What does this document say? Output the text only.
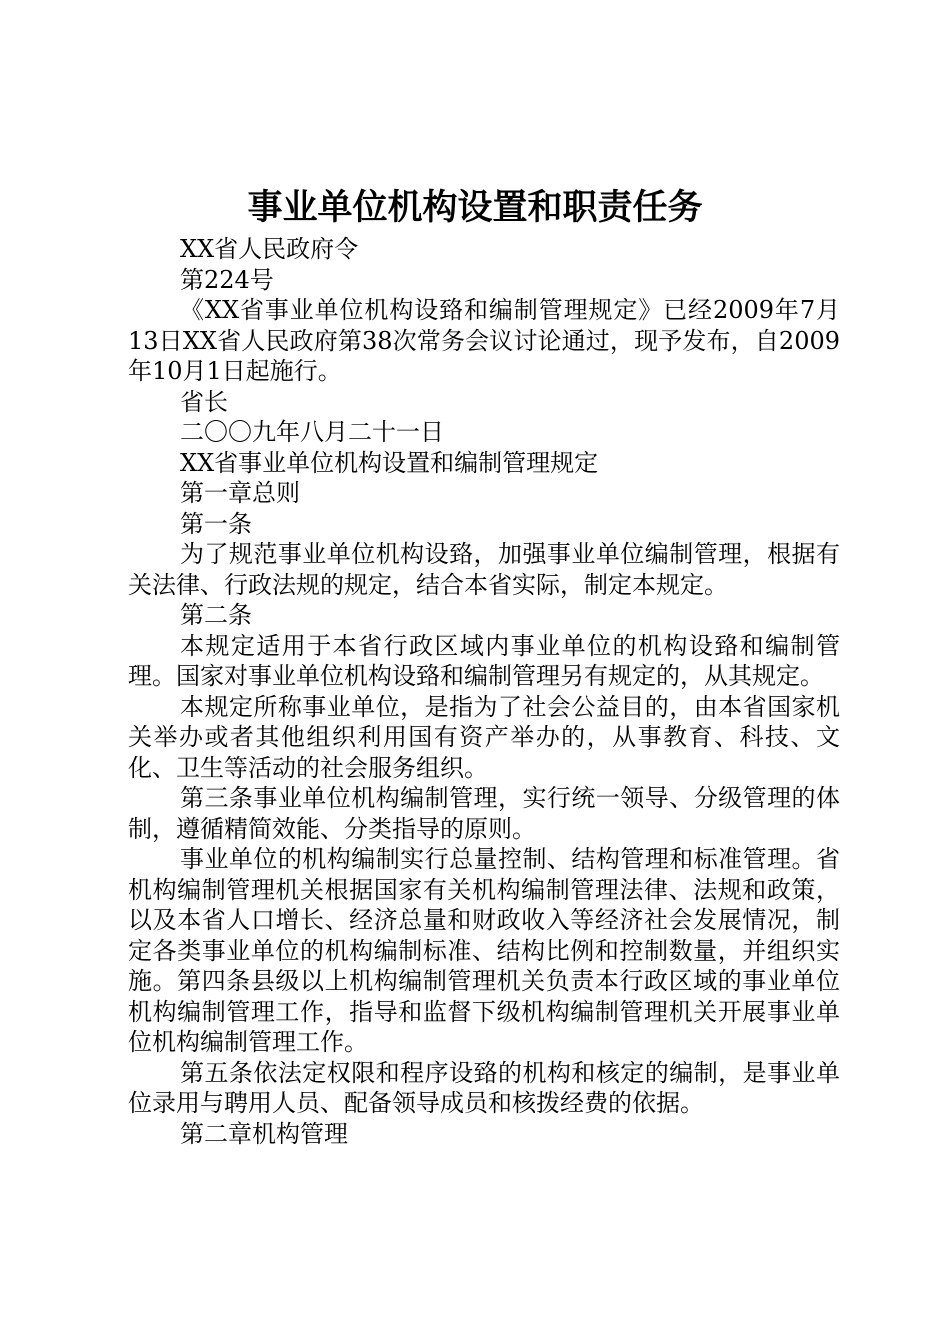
事业单位机构设置和职责任务

XX省人民政府令

第224号

《XX省事业单位机构设臵和编制管理规定》已经2009年7月13日XX省人民政府第38次常务会议讨论通过，现予发布，自2009年10月1日起施行。

省长

二〇〇九年八月二十一日

XX省事业单位机构设置和编制管理规定

第一章总则

第一条

为了规范事业单位机构设臵，加强事业单位编制管理，根据有关法律、行政法规的规定，结合本省实际，制定本规定。

第二条

本规定适用于本省行政区域内事业单位的机构设臵和编制管理。国家对事业单位机构设臵和编制管理另有规定的，从其规定。

本规定所称事业单位，是指为了社会公益目的，由本省国家机关举办或者其他组织利用国有资产举办的，从事教育、科技、文化、卫生等活动的社会服务组织。

第三条事业单位机构编制管理，实行统一领导、分级管理的体制，遵循精简效能、分类指导的原则。

事业单位的机构编制实行总量控制、结构管理和标准管理。省机构编制管理机关根据国家有关机构编制管理法律、法规和政策，以及本省人口增长、经济总量和财政收入等经济社会发展情况，制定各类事业单位的机构编制标准、结构比例和控制数量，并组织实施。第四条县级以上机构编制管理机关负责本行政区域的事业单位机构编制管理工作，指导和监督下级机构编制管理机关开展事业单位机构编制管理工作。

第五条依法定权限和程序设臵的机构和核定的编制，是事业单位录用与聘用人员、配备领导成员和核拨经费的依据。

第二章机构管理
